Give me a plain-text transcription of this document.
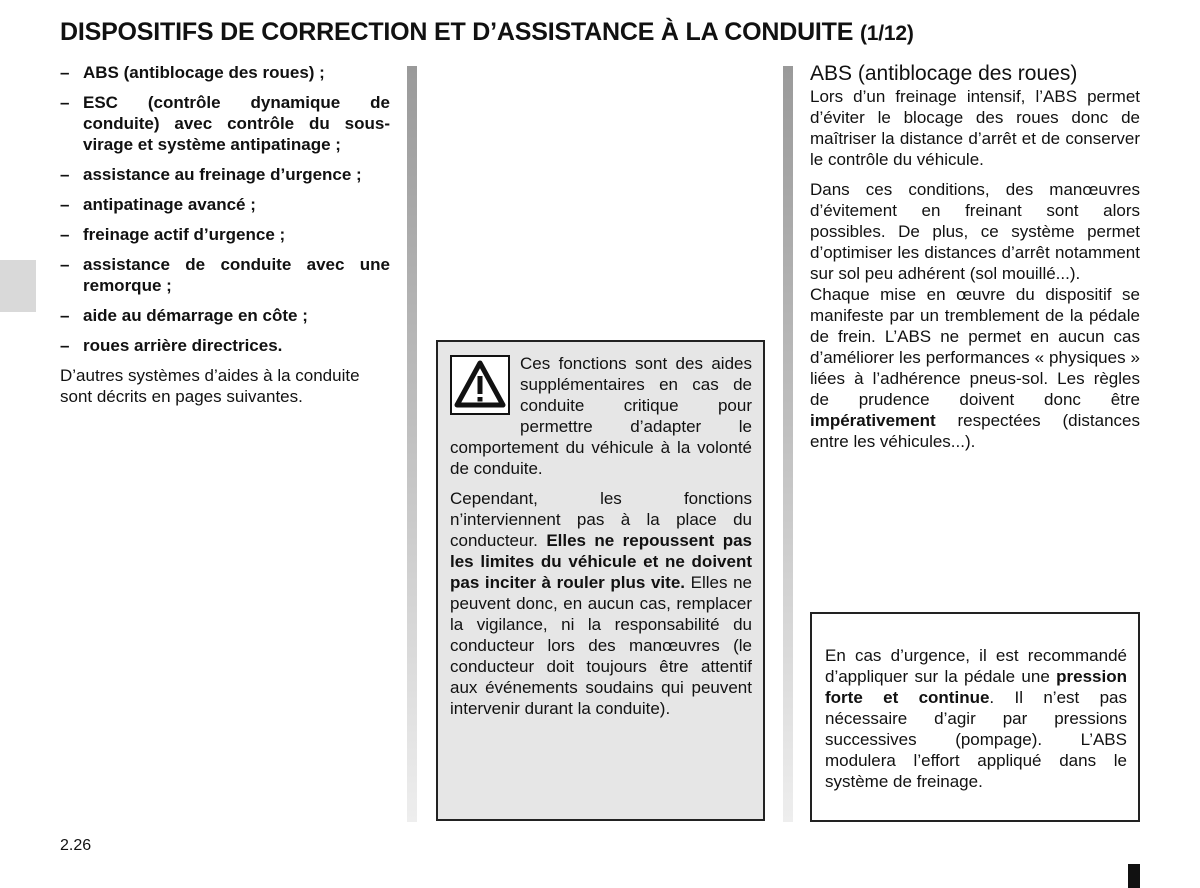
DISPOSITIFS DE CORRECTION ET D’ASSISTANCE À LA CONDUITE (1/12)
– ABS (antiblocage des roues) ;
– ESC (contrôle dynamique de conduite) avec contrôle du sous-virage et système antipatinage ;
– assistance au freinage d’urgence ;
– antipatinage avancé ;
– freinage actif d’urgence ;
– assistance de conduite avec une remorque ;
– aide au démarrage en côte ;
– roues arrière directrices.

D’autres systèmes d’aides à la conduite sont décrits en pages suivantes.

Ces fonctions sont des aides supplémentaires en cas de conduite critique pour permettre d’adapter le comportement du véhicule à la volonté de conduite.

Cependant, les fonctions n’interviennent pas à la place du conducteur. Elles ne repoussent pas les limites du véhicule et ne doivent pas inciter à rouler plus vite. Elles ne peuvent donc, en aucun cas, remplacer la vigilance, ni la responsabilité du conducteur lors des manœuvres (le conducteur doit toujours être attentif aux événements soudains qui peuvent intervenir durant la conduite).

ABS (antiblocage des roues)

Lors d’un freinage intensif, l’ABS permet d’éviter le blocage des roues donc de maîtriser la distance d’arrêt et de conserver le contrôle du véhicule.

Dans ces conditions, des manœuvres d’évitement en freinant sont alors possibles. De plus, ce système permet d’optimiser les distances d’arrêt notamment sur sol peu adhérent (sol mouillé...).

Chaque mise en œuvre du dispositif se manifeste par un tremblement de la pédale de frein. L’ABS ne permet en aucun cas d’améliorer les performances « physiques » liées à l’adhérence pneus-sol. Les règles de prudence doivent donc être impérativement respectées (distances entre les véhicules...).

En cas d’urgence, il est recommandé d’appliquer sur la pédale une pression forte et continue. Il n’est pas nécessaire d’agir par pressions successives (pompage). L’ABS modulera l’effort appliqué dans le système de freinage.
2.26
